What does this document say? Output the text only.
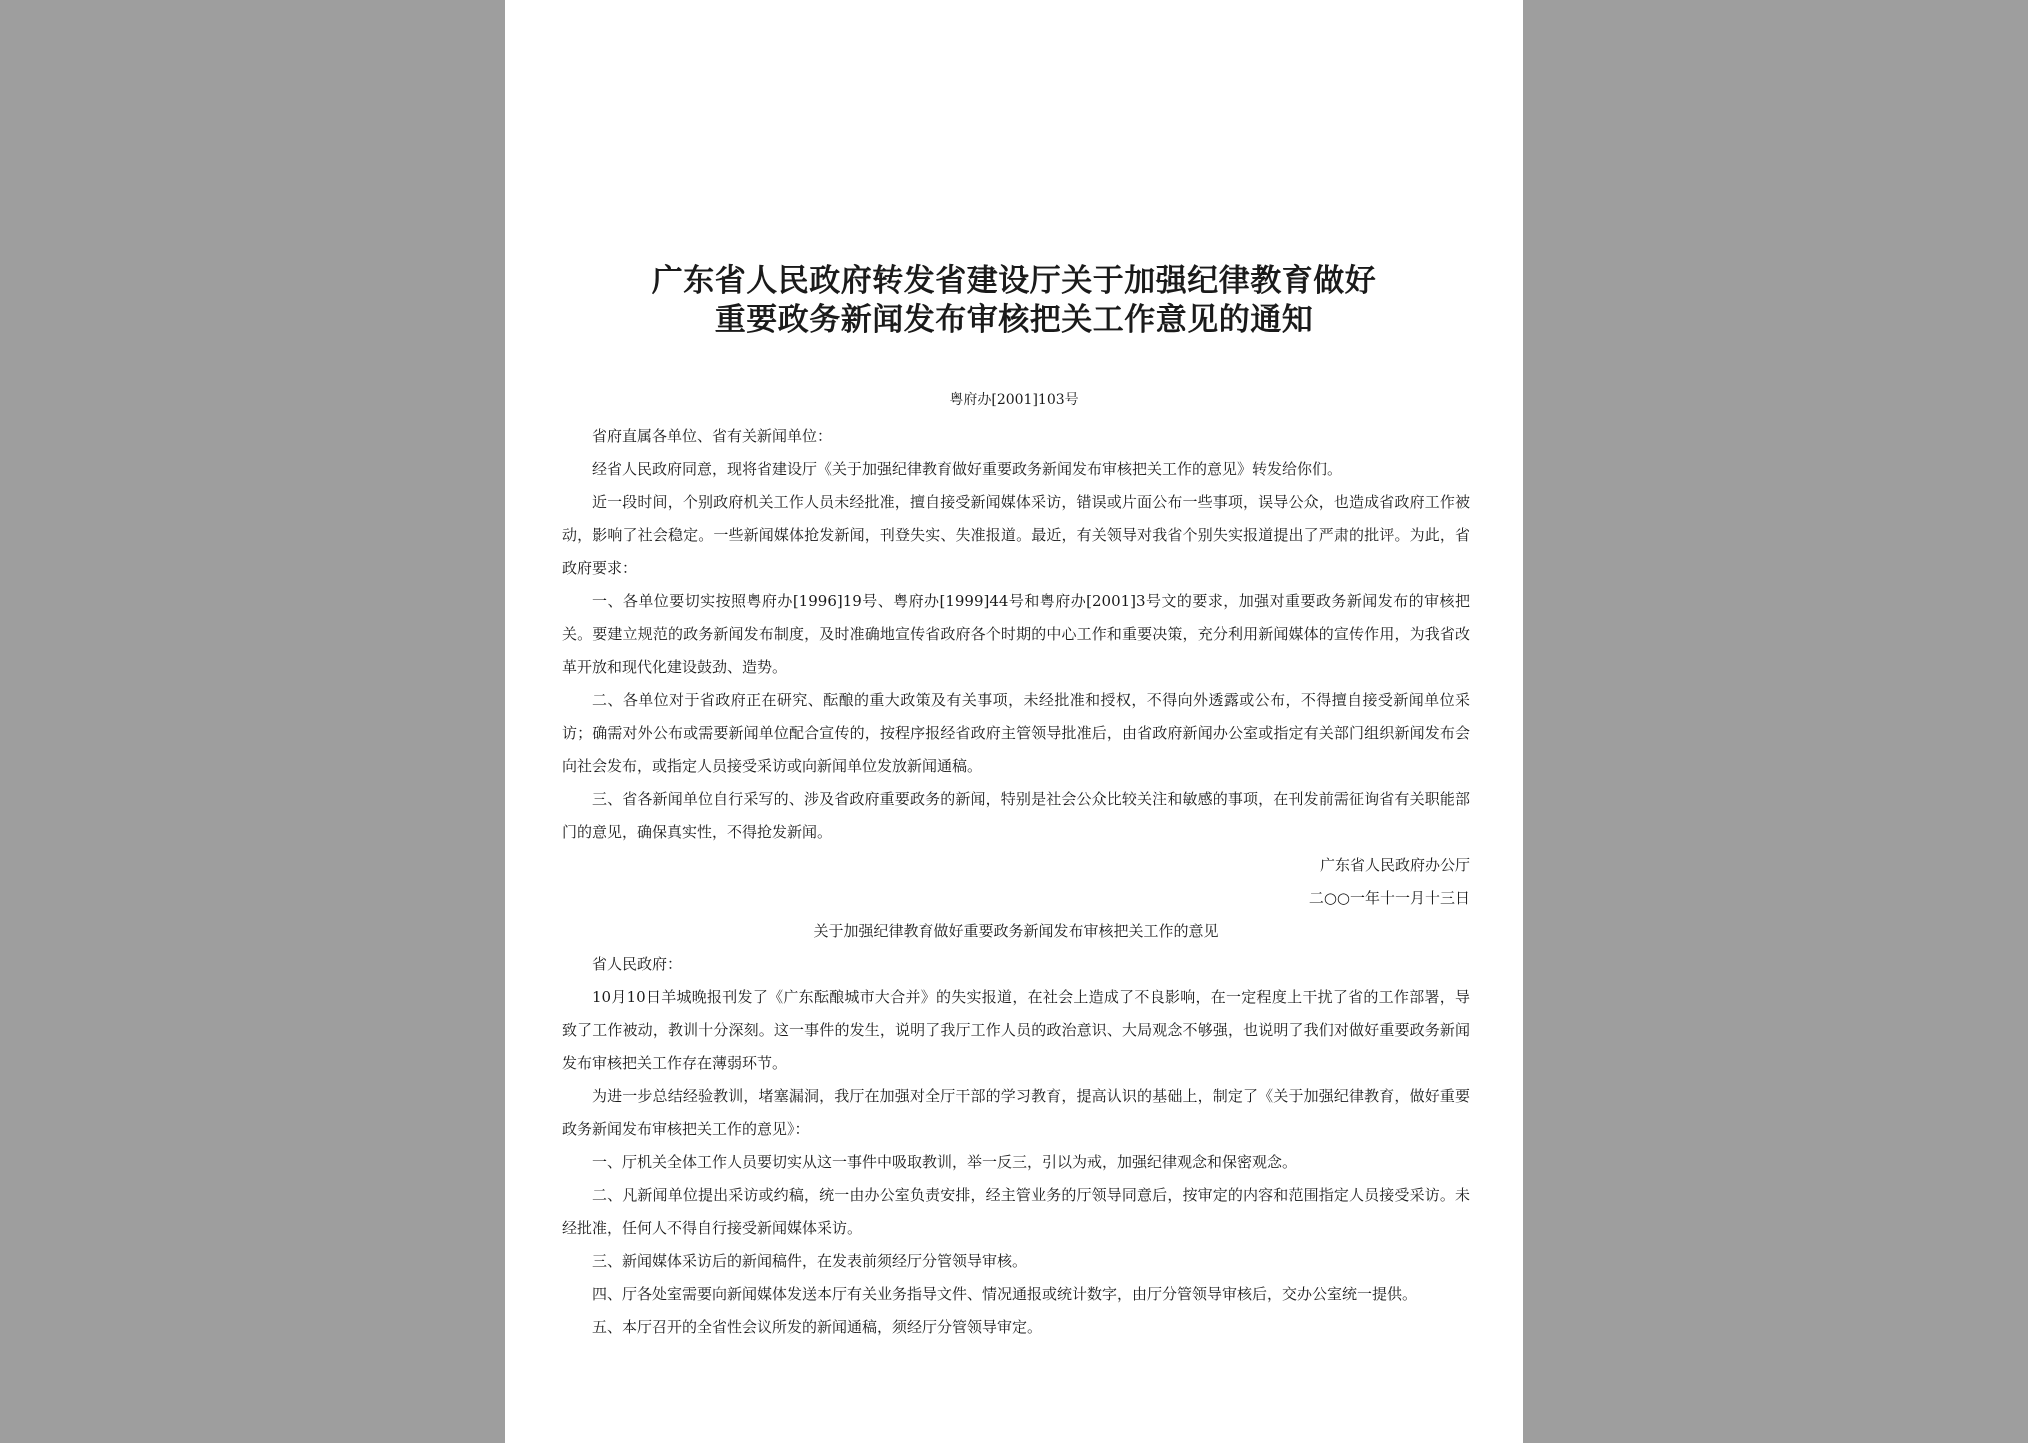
广东省人民政府转发省建设厅关于加强纪律教育做好
重要政务新闻发布审核把关工作意见的通知
粤府办[2001]103号

省府直属各单位、省有关新闻单位：

经省人民政府同意，现将省建设厅《关于加强纪律教育做好重要政务新闻发布审核把关工作的意见》转发给你们。

近一段时间，个别政府机关工作人员未经批准，擅自接受新闻媒体采访，错误或片面公布一些事项，误导公众，也造成省政府工作被动，影响了社会稳定。一些新闻媒体抢发新闻，刊登失实、失准报道。最近，有关领导对我省个别失实报道提出了严肃的批评。为此，省政府要求：

一、各单位要切实按照粤府办[1996]19号、粤府办[1999]44号和粤府办[2001]3号文的要求，加强对重要政务新闻发布的审核把关。要建立规范的政务新闻发布制度，及时准确地宣传省政府各个时期的中心工作和重要决策，充分利用新闻媒体的宣传作用，为我省改革开放和现代化建设鼓劲、造势。

二、各单位对于省政府正在研究、酝酿的重大政策及有关事项，未经批准和授权，不得向外透露或公布，不得擅自接受新闻单位采访；确需对外公布或需要新闻单位配合宣传的，按程序报经省政府主管领导批准后，由省政府新闻办公室或指定有关部门组织新闻发布会向社会发布，或指定人员接受采访或向新闻单位发放新闻通稿。

三、省各新闻单位自行采写的、涉及省政府重要政务的新闻，特别是社会公众比较关注和敏感的事项，在刊发前需征询省有关职能部门的意见，确保真实性，不得抢发新闻。

广东省人民政府办公厅

二○○一年十一月十三日

关于加强纪律教育做好重要政务新闻发布审核把关工作的意见

省人民政府：

10月10日羊城晚报刊发了《广东酝酿城市大合并》的失实报道，在社会上造成了不良影响，在一定程度上干扰了省的工作部署，导致了工作被动，教训十分深刻。这一事件的发生，说明了我厅工作人员的政治意识、大局观念不够强，也说明了我们对做好重要政务新闻发布审核把关工作存在薄弱环节。

为进一步总结经验教训，堵塞漏洞，我厅在加强对全厅干部的学习教育，提高认识的基础上，制定了《关于加强纪律教育，做好重要政务新闻发布审核把关工作的意见》：

一、厅机关全体工作人员要切实从这一事件中吸取教训，举一反三，引以为戒，加强纪律观念和保密观念。

二、凡新闻单位提出采访或约稿，统一由办公室负责安排，经主管业务的厅领导同意后，按审定的内容和范围指定人员接受采访。未经批准，任何人不得自行接受新闻媒体采访。

三、新闻媒体采访后的新闻稿件，在发表前须经厅分管领导审核。

四、厅各处室需要向新闻媒体发送本厅有关业务指导文件、情况通报或统计数字，由厅分管领导审核后，交办公室统一提供。

五、本厅召开的全省性会议所发的新闻通稿，须经厅分管领导审定。
